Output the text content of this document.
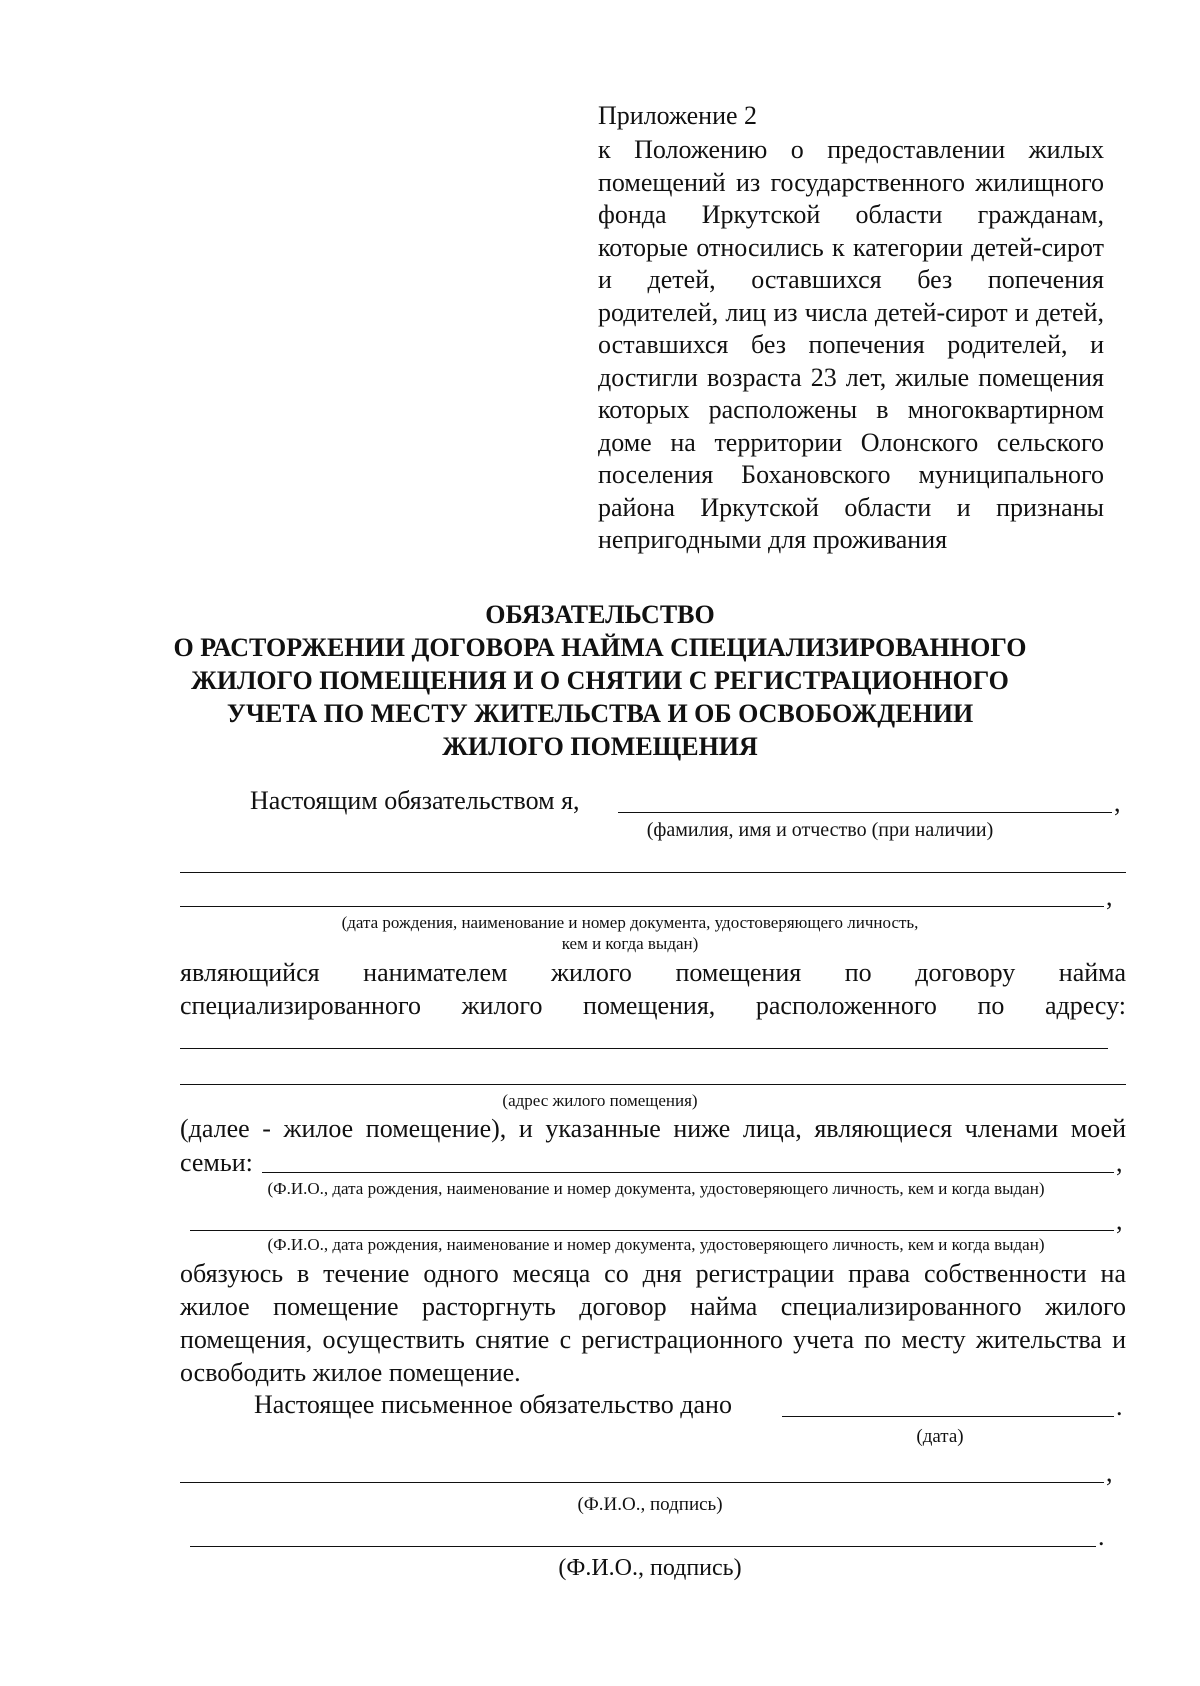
Приложение 2
к Положению о предоставлении жилых помещений из государственного жилищного фонда Иркутской области гражданам, которые относились к категории детей-сирот и детей, оставшихся без попечения родителей, лиц из числа детей-сирот и детей, оставшихся без попечения родителей, и достигли возраста 23 лет, жилые помещения которых расположены в многоквартирном доме на территории Олонского сельского поселения Бохановского муниципального района Иркутской области и признаны непригодными для проживания
ОБЯЗАТЕЛЬСТВО
О РАСТОРЖЕНИИ ДОГОВОРА НАЙМА СПЕЦИАЛИЗИРОВАННОГО
ЖИЛОГО ПОМЕЩЕНИЯ И О СНЯТИИ С РЕГИСТРАЦИОННОГО
УЧЕТА ПО МЕСТУ ЖИТЕЛЬСТВА И ОБ ОСВОБОЖДЕНИИ
ЖИЛОГО ПОМЕЩЕНИЯ
Настоящим обязательством я,	,
(фамилия, имя и отчество (при наличии)
,
(дата рождения, наименование и номер документа, удостоверяющего личность,
кем и когда выдан)
являющийся нанимателем жилого помещения по договору найма
специализированного жилого помещения, расположенного по адресу:
(адрес жилого помещения)
(далее - жилое помещение), и указанные ниже лица, являющиеся членами моей
семьи:	,
(Ф.И.О., дата рождения, наименование и номер документа, удостоверяющего личность, кем и когда выдан)
,
(Ф.И.О., дата рождения, наименование и номер документа, удостоверяющего личность, кем и когда выдан)
обязуюсь в течение одного месяца со дня регистрации права собственности на жилое помещение расторгнуть договор найма специализированного жилого помещения, осуществить снятие с регистрационного учета по месту жительства и освободить жилое помещение.
Настоящее письменное обязательство дано	.
(дата)
,
(Ф.И.О., подпись)
.
(Ф.И.О., подпись)
